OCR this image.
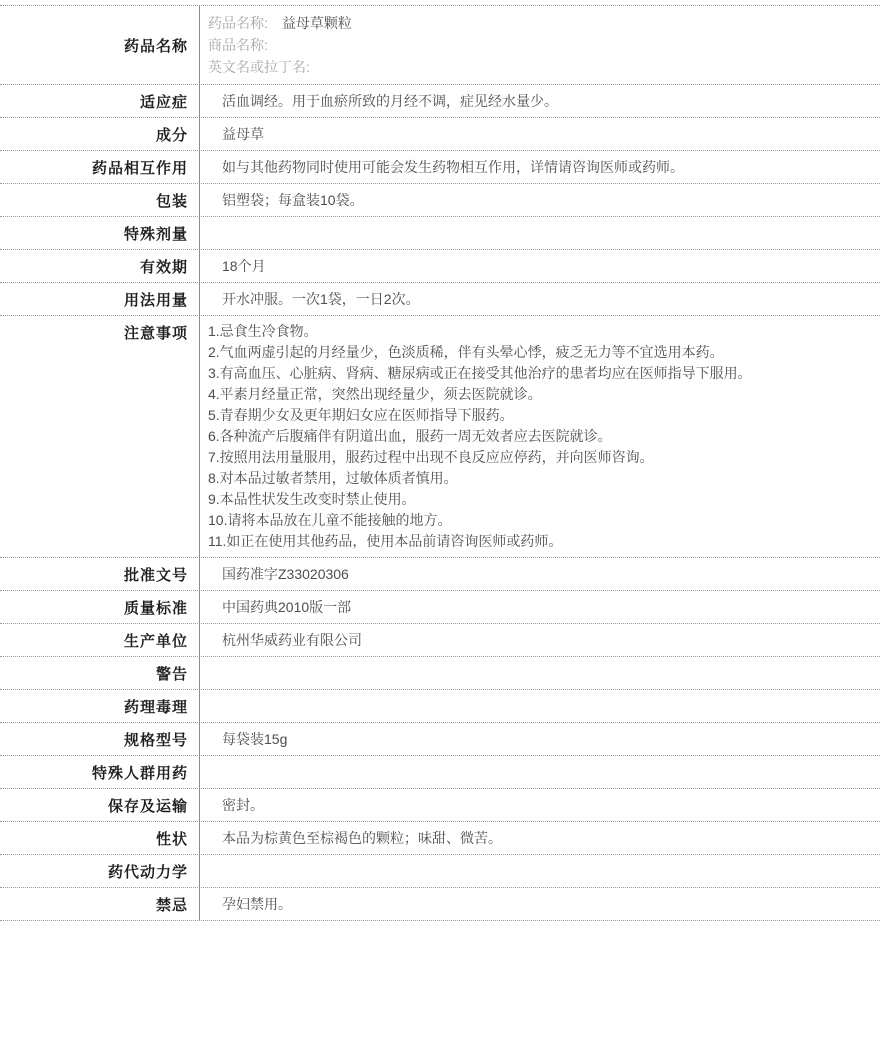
药品名称
药品名称: 益母草颗粒
商品名称:
英文名或拉丁名:
适应症	活血调经。用于血瘀所致的月经不调，症见经水量少。
成分	益母草
药品相互作用	如与其他药物同时使用可能会发生药物相互作用，详情请咨询医师或药师。
包装	铝塑袋；每盒装10袋。
特殊剂量
有效期	18个月
用法用量	开水冲服。一次1袋，一日2次。
注意事项	1.忌食生冷食物。
2.气血两虚引起的月经量少，色淡质稀，伴有头晕心悸，疲乏无力等不宜选用本药。
3.有高血压、心脏病、肾病、糖尿病或正在接受其他治疗的患者均应在医师指导下服用。
4.平素月经量正常，突然出现经量少，须去医院就诊。
5.青春期少女及更年期妇女应在医师指导下服药。
6.各种流产后腹痛伴有阴道出血，服药一周无效者应去医院就诊。
7.按照用法用量服用，服药过程中出现不良反应应停药，并向医师咨询。
8.对本品过敏者禁用，过敏体质者慎用。
9.本品性状发生改变时禁止使用。
10.请将本品放在儿童不能接触的地方。
11.如正在使用其他药品，使用本品前请咨询医师或药师。
批准文号	国药准字Z33020306
质量标准	中国药典2010版一部
生产单位	杭州华威药业有限公司
警告
药理毒理
规格型号	每袋装15g
特殊人群用药
保存及运输	密封。
性状	本品为棕黄色至棕褐色的颗粒；味甜、微苦。
药代动力学
禁忌	孕妇禁用。
